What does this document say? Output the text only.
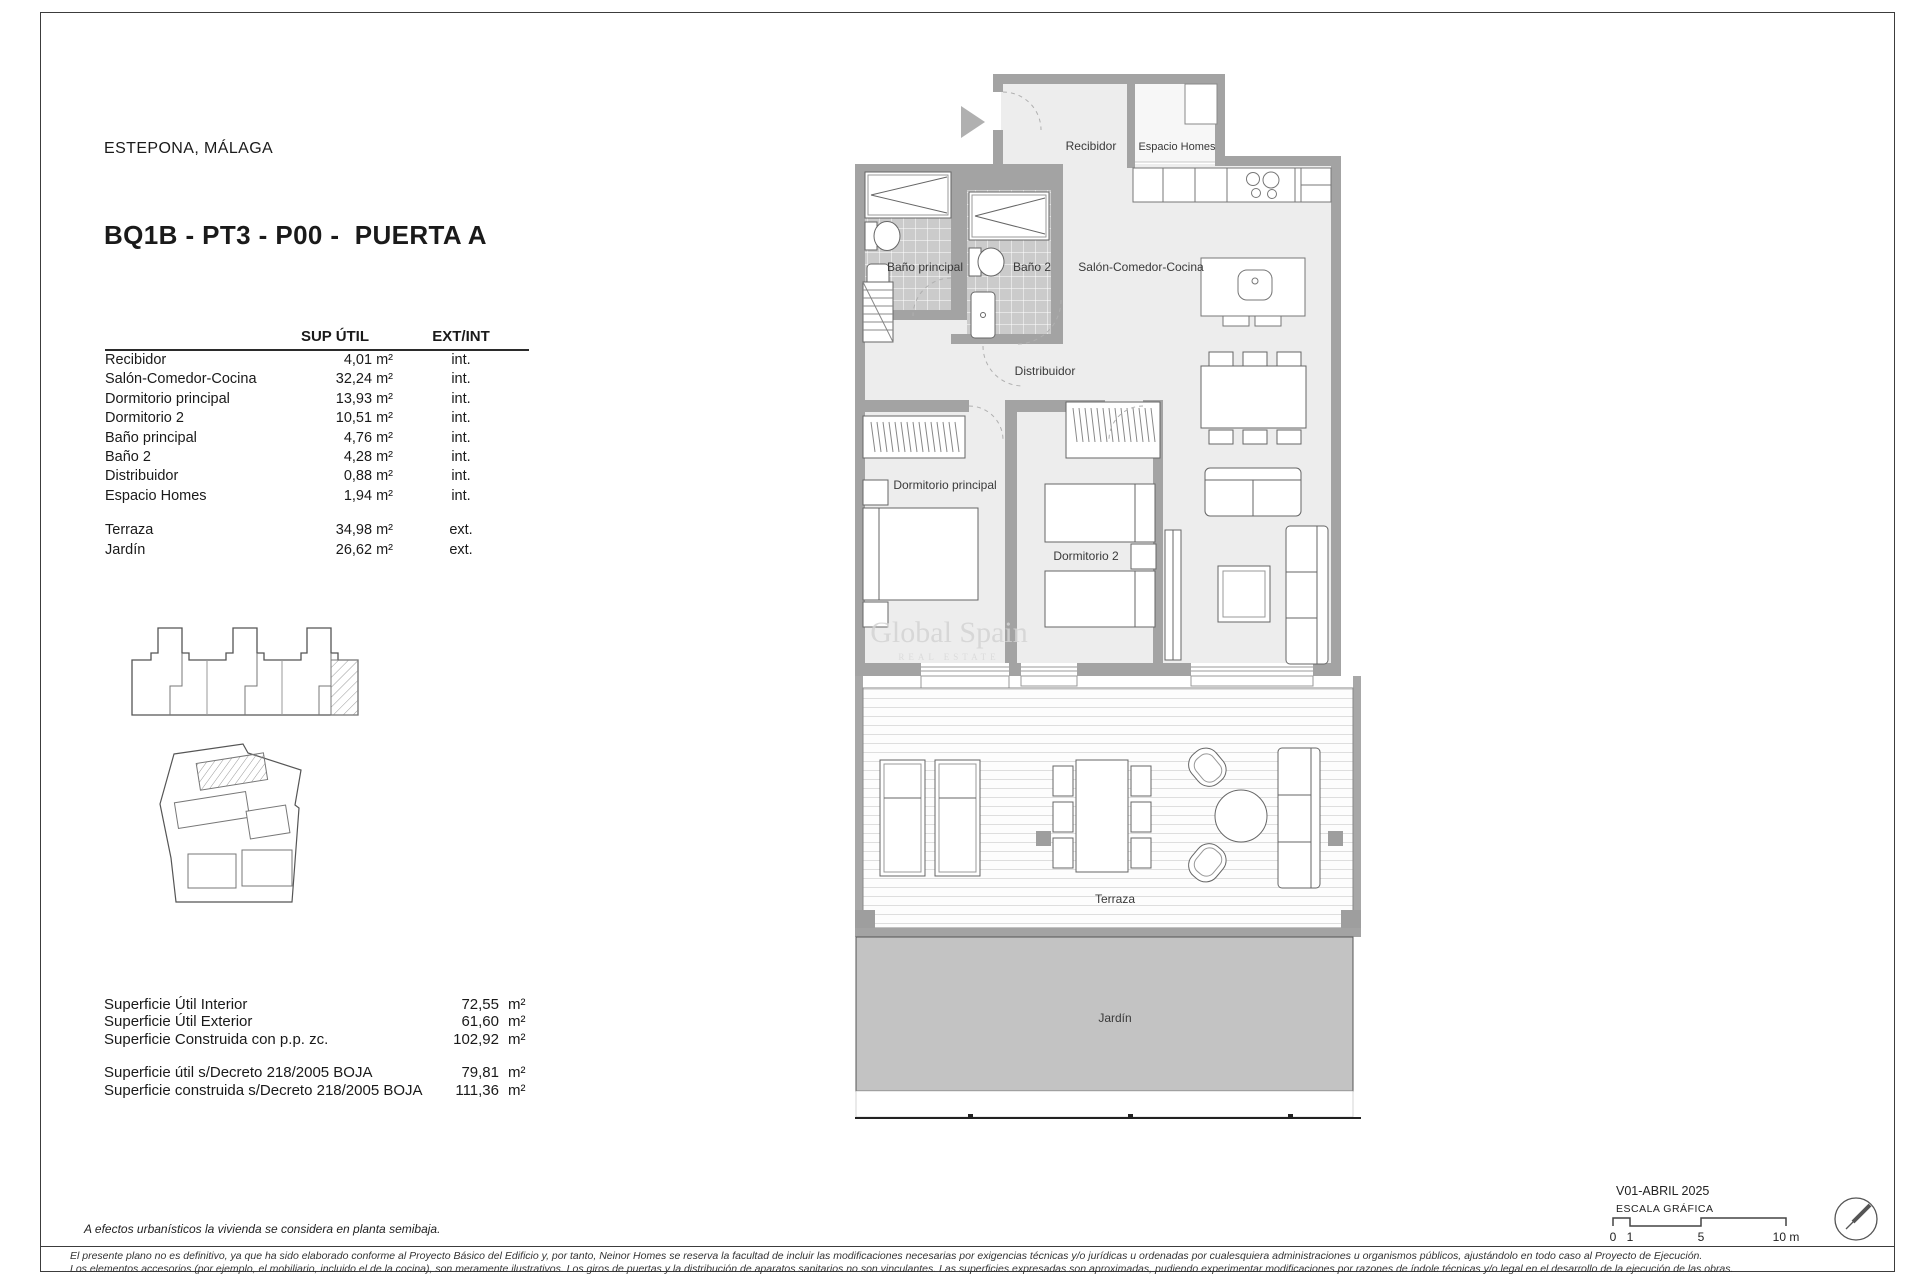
ESTEPONA, MÁLAGA
BQ1B - PT3 - P00 -  PUERTA A
	SUP ÚTIL	EXT/INT
Recibidor	4,01 m²	int.
Salón-Comedor-Cocina	32,24 m²	int.
Dormitorio principal	13,93 m²	int.
Dormitorio 2	10,51 m²	int.
Baño principal	4,76 m²	int.
Baño 2	4,28 m²	int.
Distribuidor	0,88 m²	int.
Espacio Homes	1,94 m²	int.

Terraza	34,98 m²	ext.
Jardín	26,62 m²	ext.
Superficie Útil Interior	72,55 m²
Superficie Útil Exterior	61,60 m²
Superficie Construida con p.p. zc.	102,92 m²
Superficie útil s/Decreto 218/2005 BOJA	79,81 m²
Superficie construida s/Decreto 218/2005 BOJA	111,36 m²
Global Spain
REAL ESTATE
Recibidor Espacio Homes
Baño principal	Baño 2 Salón-Comedor-Cocina
Distribuidor
Dormitorio principal
Dormitorio 2
Terraza
Jardín
V01-ABRIL 2025
ESCALA GRÁFICA
0 1	5	10 m
A efectos urbanísticos la vivienda se considera en planta semibaja.
El presente plano no es definitivo, ya que ha sido elaborado conforme al Proyecto Básico del Edificio y, por tanto, Neinor Homes se reserva la facultad de incluir las modificaciones necesarias por exigencias técnicas y/o jurídicas u ordenadas por cualesquiera administraciones u organismos públicos, ajustándolo en todo caso al Proyecto de Ejecución.
Los elementos accesorios (por ejemplo, el mobiliario, incluido el de la cocina), son meramente ilustrativos. Los giros de puertas y la distribución de aparatos sanitarios no son vinculantes. Las superficies expresadas son aproximadas, pudiendo experimentar modificaciones por razones de índole técnicas y/o legal en el desarrollo de la ejecución de las obras.
